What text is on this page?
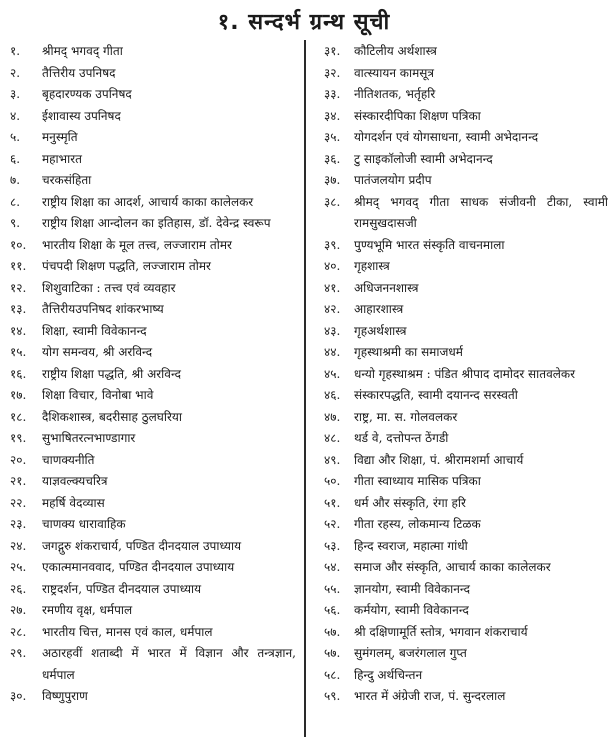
१. सन्दर्भ ग्रन्थ सूची
१.	श्रीमद् भगवद् गीता
२.	तैत्तिरीय उपनिषद
३.	बृहदारण्यक उपनिषद
४.	ईशावास्य उपनिषद
५.	मनुस्मृति
६.	महाभारत
७.	चरकसंहिता
८.	राष्ट्रीय शिक्षा का आदर्श, आचार्य काका कालेलकर
९.	राष्ट्रीय शिक्षा आन्दोलन का इतिहास, डॉ. देवेन्द्र स्वरूप
१०.	भारतीय शिक्षा के मूल तत्त्व, लज्जाराम तोमर
११.	पंचपदी शिक्षण पद्धति, लज्जाराम तोमर
१२.	शिशुवाटिका : तत्त्व एवं व्यवहार
१३.	तैत्तिरीयउपनिषद शांकरभाष्य
१४.	शिक्षा, स्वामी विवेकानन्द
१५.	योग समन्वय, श्री अरविन्द
१६.	राष्ट्रीय शिक्षा पद्धति, श्री अरविन्द
१७.	शिक्षा विचार, विनोबा भावे
१८.	दैशिकशास्त्र, बदरीसाह ठुलघरिया
१९.	सुभाषितरत्नभाण्डागार
२०.	चाणक्यनीति
२१.	याज्ञवल्क्यचरित्र
२२.	महर्षि वेदव्यास
२३.	चाणक्य धारावाहिक
२४.	जगद्गुरु शंकराचार्य, पण्डित दीनदयाल उपाध्याय
२५.	एकात्ममानववाद, पण्डित दीनदयाल उपाध्याय
२६.	राष्ट्रदर्शन, पण्डित दीनदयाल उपाध्याय
२७.	रमणीय वृक्ष, धर्मपाल
२८.	भारतीय चित्त, मानस एवं काल, धर्मपाल
२९.	अठारहवीं शताब्दी में भारत में विज्ञान और तन्त्रज्ञान, धर्मपाल
३०.	विष्णुपुराण
३१.	कौटिलीय अर्थशास्त्र
३२.	वात्स्यायन कामसूत्र
३३.	नीतिशतक, भर्तृहरि
३४.	संस्कारदीपिका शिक्षण पत्रिका
३५.	योगदर्शन एवं योगसाधना, स्वामी अभेदानन्द
३६.	टु साइकॉलोजी स्वामी अभेदानन्द
३७.	पातंजलयोग प्रदीप
३८.	श्रीमद् भगवद् गीता साधक संजीवनी टीका, स्वामी रामसुखदासजी
३९.	पुण्यभूमि भारत संस्कृति वाचनमाला
४०.	गृहशास्त्र
४१.	अधिजननशास्त्र
४२.	आहारशास्त्र
४३.	गृहअर्थशास्त्र
४४.	गृहस्थाश्रमी का समाजधर्म
४५.	धन्यो गृहस्थाश्रम : पंडित श्रीपाद दामोदर सातवलेकर
४६.	संस्कारपद्धति, स्वामी दयानन्द सरस्वती
४७.	राष्ट्र, मा. स. गोलवलकर
४८.	थर्ड वे, दत्तोपन्त ठेंगडी
४९.	विद्या और शिक्षा, पं. श्रीरामशर्मा आचार्य
५०.	गीता स्वाध्याय मासिक पत्रिका
५१.	धर्म और संस्कृति, रंगा हरि
५२.	गीता रहस्य, लोकमान्य टिळक
५३.	हिन्द स्वराज, महात्मा गांधी
५४.	समाज और संस्कृति, आचार्य काका कालेलकर
५५.	ज्ञानयोग, स्वामी विवेकानन्द
५६.	कर्मयोग, स्वामी विवेकानन्द
५७.	श्री दक्षिणामूर्ति स्तोत्र, भगवान शंकराचार्य
५७.	सुमंगलम्, बजरंगलाल गुप्त
५८.	हिन्दु अर्थचिन्तन
५९.	भारत में अंग्रेजी राज, पं. सुन्दरलाल
